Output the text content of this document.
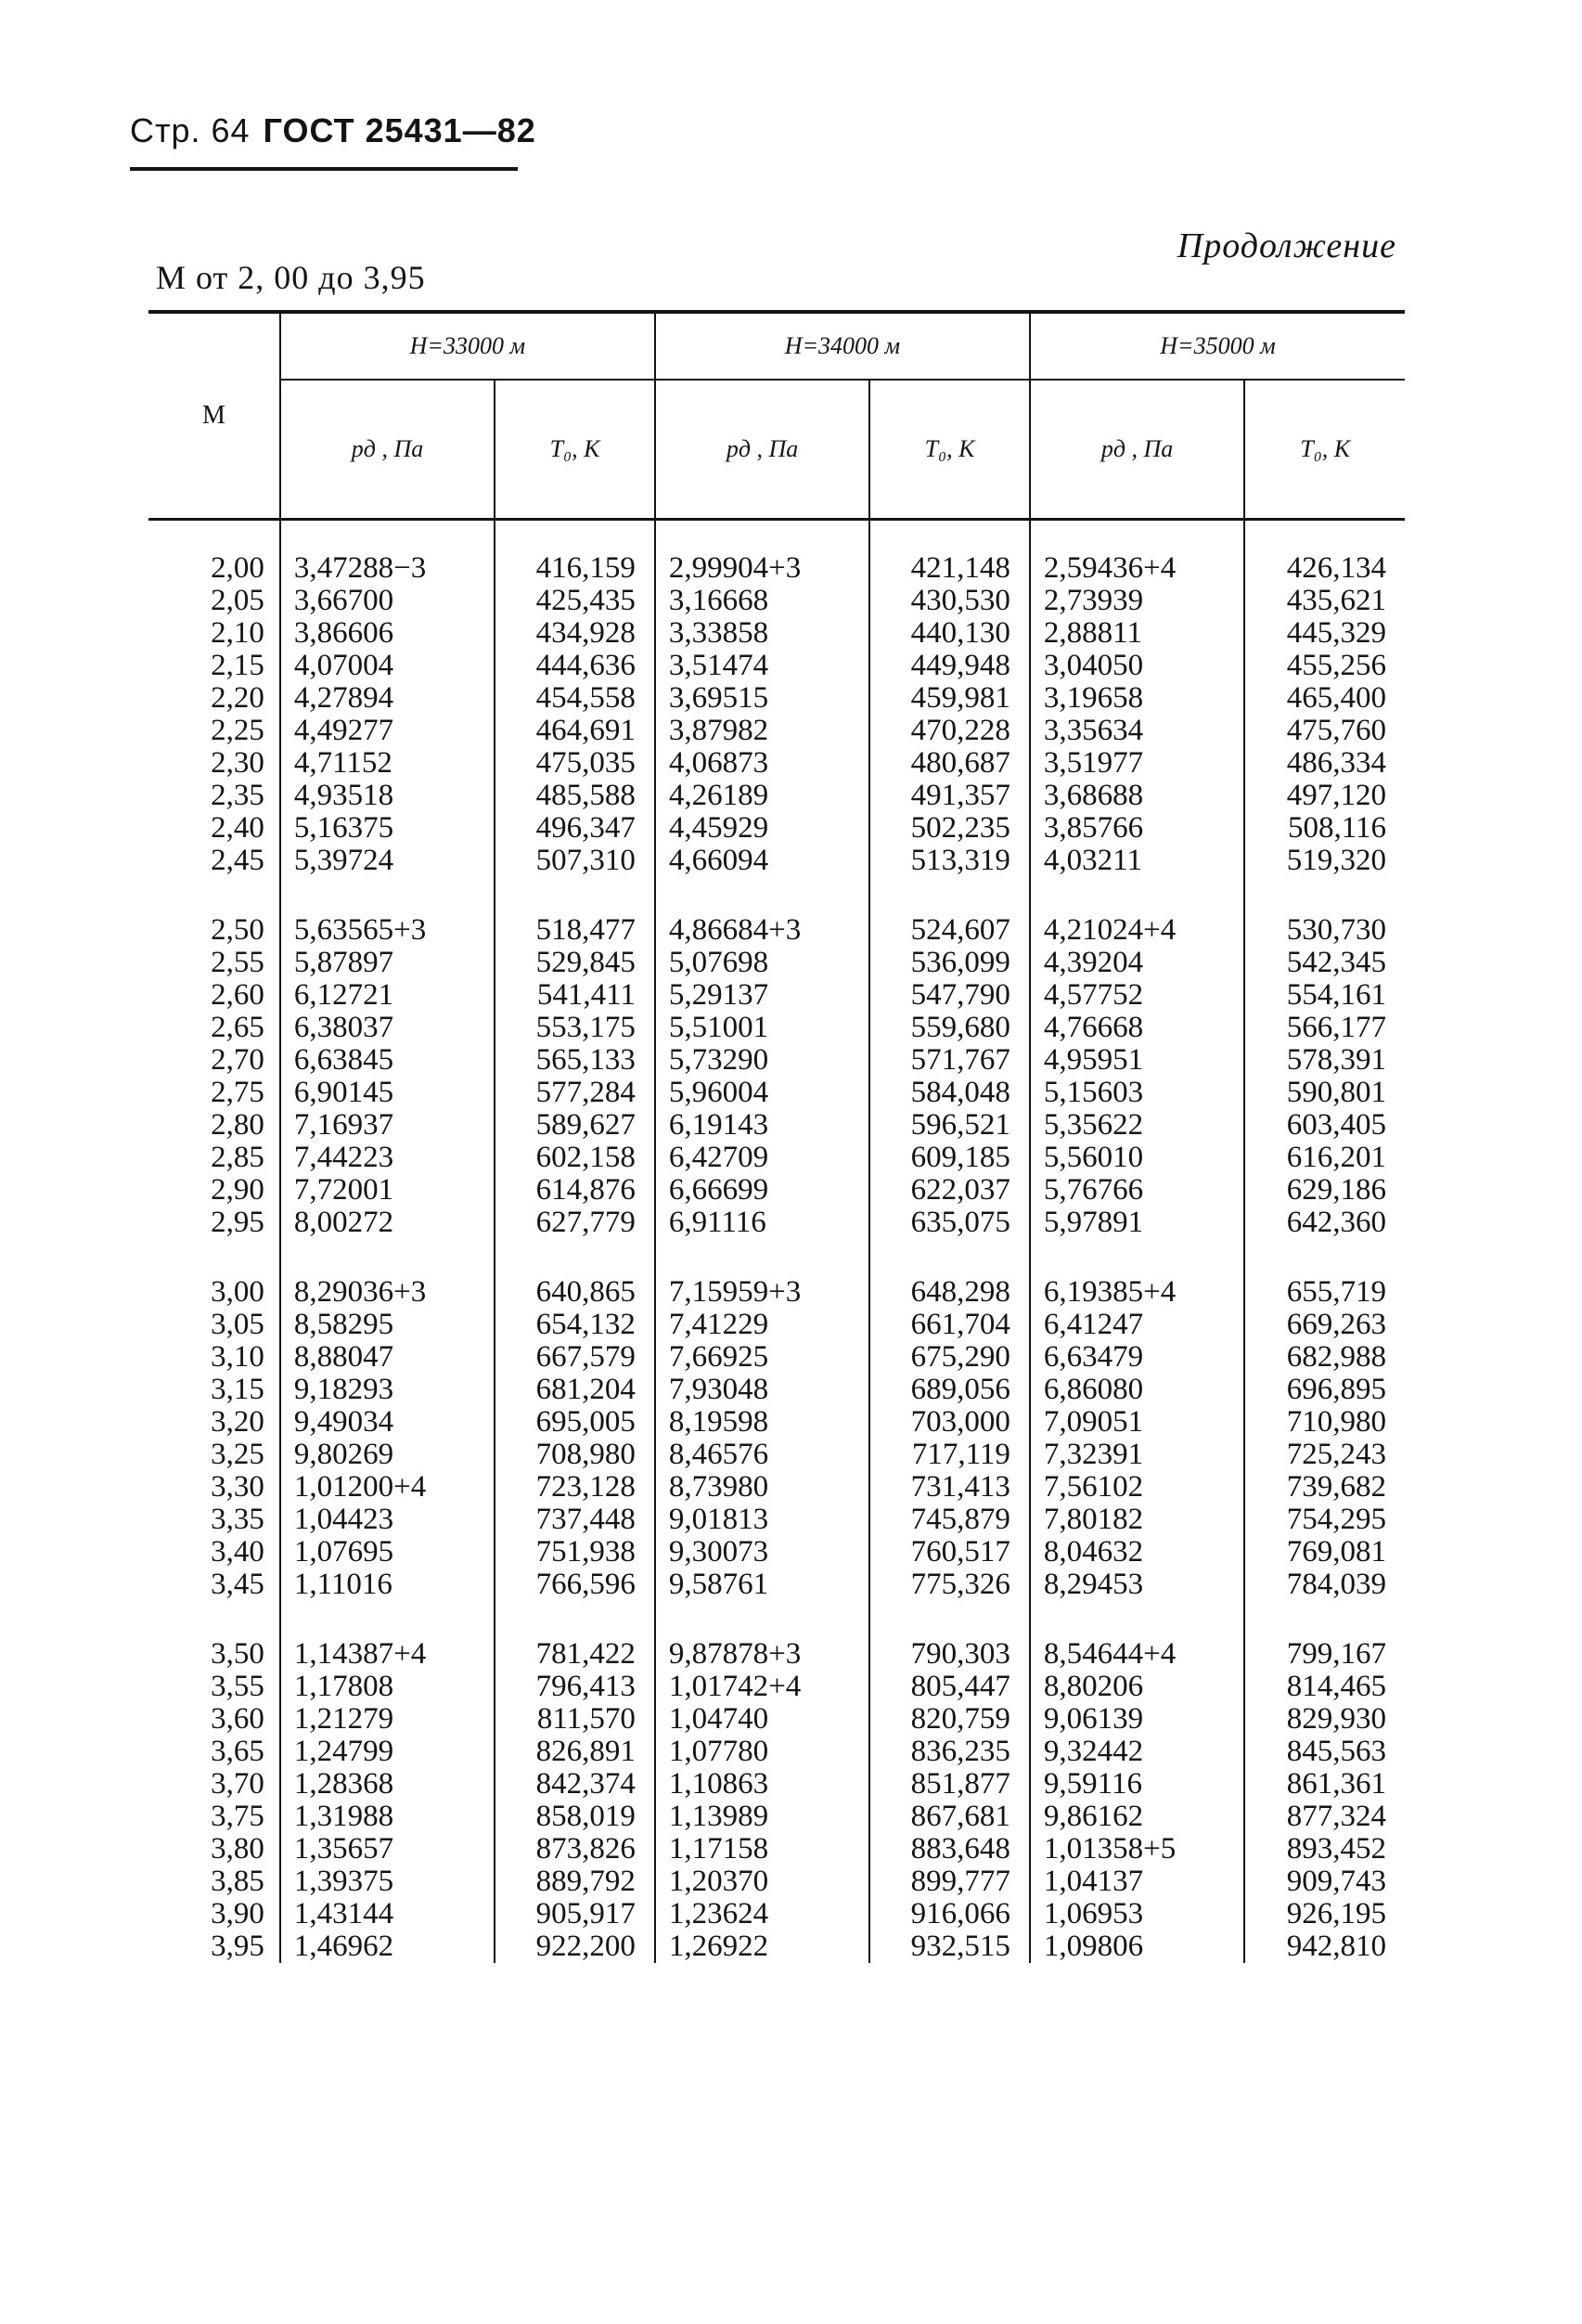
Стр. 64 ГОСТ 25431—82
Продолжение
М от 2, 00 до 3,95
М	H=33000 м		H=34000 м		H=35000 м	
	pд , Па	T₀, К	pд , Па	T₀, К	pд , Па	T₀, К

2,00	3,47288−3	416,159	2,99904+3	421,148	2,59436+4	426,134
2,05	3,66700	425,435	3,16668	430,530	2,73939	435,621
2,10	3,86606	434,928	3,33858	440,130	2,88811	445,329
2,15	4,07004	444,636	3,51474	449,948	3,04050	455,256
2,20	4,27894	454,558	3,69515	459,981	3,19658	465,400
2,25	4,49277	464,691	3,87982	470,228	3,35634	475,760
2,30	4,71152	475,035	4,06873	480,687	3,51977	486,334
2,35	4,93518	485,588	4,26189	491,357	3,68688	497,120
2,40	5,16375	496,347	4,45929	502,235	3,85766	508,116
2,45	5,39724	507,310	4,66094	513,319	4,03211	519,320
2,50	5,63565+3	518,477	4,86684+3	524,607	4,21024+4	530,730
2,55	5,87897	529,845	5,07698	536,099	4,39204	542,345
2,60	6,12721	541,411	5,29137	547,790	4,57752	554,161
2,65	6,38037	553,175	5,51001	559,680	4,76668	566,177
2,70	6,63845	565,133	5,73290	571,767	4,95951	578,391
2,75	6,90145	577,284	5,96004	584,048	5,15603	590,801
2,80	7,16937	589,627	6,19143	596,521	5,35622	603,405
2,85	7,44223	602,158	6,42709	609,185	5,56010	616,201
2,90	7,72001	614,876	6,66699	622,037	5,76766	629,186
2,95	8,00272	627,779	6,91116	635,075	5,97891	642,360
3,00	8,29036+3	640,865	7,15959+3	648,298	6,19385+4	655,719
3,05	8,58295	654,132	7,41229	661,704	6,41247	669,263
3,10	8,88047	667,579	7,66925	675,290	6,63479	682,988
3,15	9,18293	681,204	7,93048	689,056	6,86080	696,895
3,20	9,49034	695,005	8,19598	703,000	7,09051	710,980
3,25	9,80269	708,980	8,46576	717,119	7,32391	725,243
3,30	1,01200+4	723,128	8,73980	731,413	7,56102	739,682
3,35	1,04423	737,448	9,01813	745,879	7,80182	754,295
3,40	1,07695	751,938	9,30073	760,517	8,04632	769,081
3,45	1,11016	766,596	9,58761	775,326	8,29453	784,039
3,50	1,14387+4	781,422	9,87878+3	790,303	8,54644+4	799,167
3,55	1,17808	796,413	1,01742+4	805,447	8,80206	814,465
3,60	1,21279	811,570	1,04740	820,759	9,06139	829,930
3,65	1,24799	826,891	1,07780	836,235	9,32442	845,563
3,70	1,28368	842,374	1,10863	851,877	9,59116	861,361
3,75	1,31988	858,019	1,13989	867,681	9,86162	877,324
3,80	1,35657	873,826	1,17158	883,648	1,01358+5	893,452
3,85	1,39375	889,792	1,20370	899,777	1,04137	909,743
3,90	1,43144	905,917	1,23624	916,066	1,06953	926,195
3,95	1,46962	922,200	1,26922	932,515	1,09806	942,810
